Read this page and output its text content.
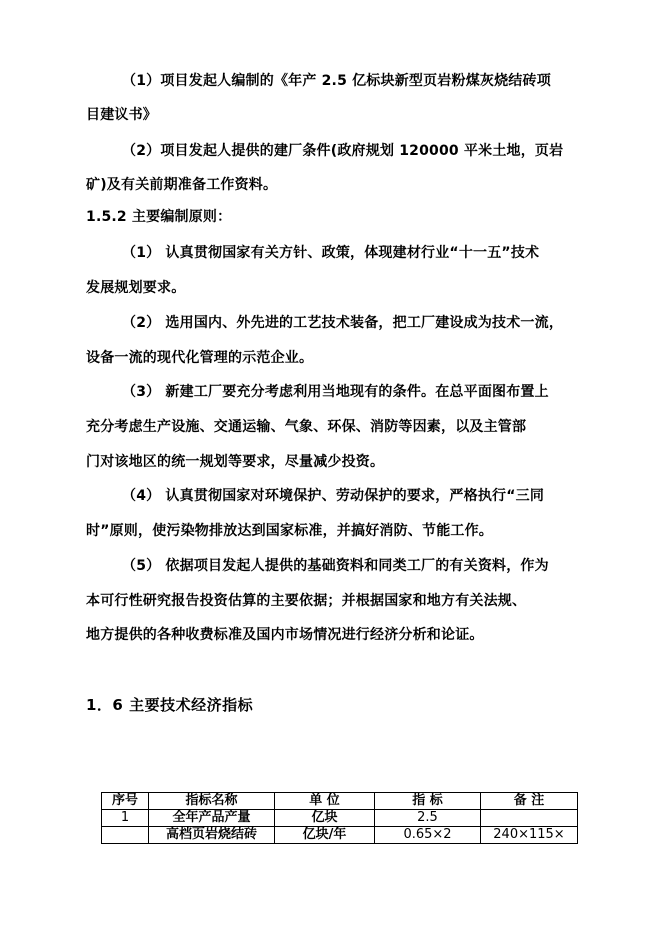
（1）项目发起人编制的《年产 2.5 亿标块新型页岩粉煤灰烧结砖项
目建议书》
（2）项目发起人提供的建厂条件(政府规划 120000 平米土地，页岩
矿)及有关前期准备工作资料。
1.5.2 主要编制原则：
（1） 认真贯彻国家有关方针、政策，体现建材行业“十一五”技术
发展规划要求。
（2） 选用国内、外先进的工艺技术装备，把工厂建设成为技术一流，
设备一流的现代化管理的示范企业。
（3） 新建工厂要充分考虑利用当地现有的条件。在总平面图布置上
充分考虑生产设施、交通运输、气象、环保、消防等因素，以及主管部
门对该地区的统一规划等要求，尽量减少投资。
（4） 认真贯彻国家对环境保护、劳动保护的要求，严格执行“三同
时”原则，使污染物排放达到国家标准，并搞好消防、节能工作。
（5） 依据项目发起人提供的基础资料和同类工厂的有关资料，作为
本可行性研究报告投资估算的主要依据；并根据国家和地方有关法规、
地方提供的各种收费标准及国内市场情况进行经济分析和论证。
1．6 主要技术经济指标
序号	指标名称	单 位	指 标	备 注
1	全年产品产量	亿块	2.5	
	高档页岩烧结砖	亿块/年	0.65×2	240×115×
